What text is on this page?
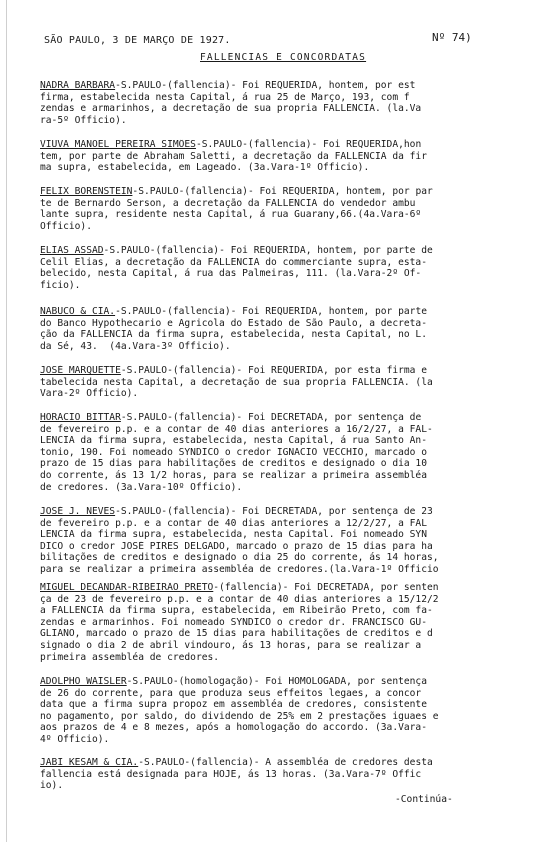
SÃO PAULO, 3 DE MARÇO DE 1927.	Nº 74)
FALLENCIAS E CONCORDATAS
NADRA BARBARA-S.PAULO-(fallencia)- Foi REQUERIDA, hontem, por est
firma, estabelecida nesta Capital, á rua 25 de Março, 193, com f
zendas e armarinhos, a decretação de sua propria FALLENCIA. (la.Va
ra-5º Officio).
VIUVA MANOEL PEREIRA SIMÕES-S.PAULO-(fallencia)- Foi REQUERIDA,hon
tem, por parte de Abraham Saletti, a decretação da FALLENCIA da fir
ma supra, estabelecida, em Lageado. (3a.Vara-1º Officio).
FELIX BORENSTEIN-S.PAULO-(fallencia)- Foi REQUERIDA, hontem, por par
te de Bernardo Serson, a decretação da FALLENCIA do vendedor ambu
lante supra, residente nesta Capital, á rua Guarany,66.(4a.Vara-6º
Officio).
ELIAS ASSAD-S.PAULO-(fallencia)- Foi REQUERIDA, hontem, por parte de
Celil Elias, a decretação da FALLENCIA do commerciante supra, esta-
belecido, nesta Capital, á rua das Palmeiras, 111. (la.Vara-2º Of-
ficio).
NABUCO & CIA.-S.PAULO-(fallencia)- Foi REQUERIDA, hontem, por parte
do Banco Hypothecario e Agricola do Estado de São Paulo, a decreta-
ção da FALLENCIA da firma supra, estabelecida, nesta Capital, no L.
da Sé, 43.  (4a.Vara-3º Officio).
JOSÉ MARQUETTE-S.PAULO-(fallencia)- Foi REQUERIDA, por esta firma e
tabelecida nesta Capital, a decretação de sua propria FALLENCIA. (la
Vara-2º Officio).
HORACIO BITTAR-S.PAULO-(fallencia)- Foi DECRETADA, por sentença de
de fevereiro p.p. e a contar de 40 dias anteriores a 16/2/27, a FAL-
LENCIA da firma supra, estabelecida, nesta Capital, á rua Santo An-
tonio, 190. Foi nomeado SYNDICO o credor IGNACIO VECCHIO, marcado o
prazo de 15 dias para habilitações de creditos e designado o dia 10
do corrente, ás 13 1/2 horas, para se realizar a primeira assembléa
de credores. (3a.Vara-10º Officio).
JOSÉ J. NEVES-S.PAULO-(fallencia)- Foi DECRETADA, por sentença de 23
de fevereiro p.p. e a contar de 40 dias anteriores a 12/2/27, a FAL
LENCIA da firma supra, estabelecida, nesta Capital. Foi nomeado SYN
DICO o credor JOSÉ PIRES DELGADO, marcado o prazo de 15 dias para ha
bilitações de creditos e designado o dia 25 do corrente, ás 14 horas,
para se realizar a primeira assembléa de credores.(la.Vara-1º Officio
MIGUEL DECANDAR-RIBEIRÃO PRETO-(fallencia)- Foi DECRETADA, por senten
ça de 23 de fevereiro p.p. e a contar de 40 dias anteriores a 15/12/2
a FALLENCIA da firma supra, estabelecida, em Ribeirão Preto, com fa-
zendas e armarinhos. Foi nomeado SYNDICO o credor dr. FRANCISCO GU-
GLIANO, marcado o prazo de 15 dias para habilitações de creditos e d
signado o dia 2 de abril vindouro, ás 13 horas, para se realizar a
primeira assembléa de credores.
ADOLPHO WAISLER-S.PAULO-(homologação)- Foi HOMOLOGADA, por sentença
de 26 do corrente, para que produza seus effeitos legaes, a concor
data que a firma supra propoz em assembléa de credores, consistente
no pagamento, por saldo, do dividendo de 25% em 2 prestações iguaes e
aos prazos de 4 e 8 mezes, após a homologação do accordo. (3a.Vara-
4º Officio).
JABI KESAM & CIA.-S.PAULO-(fallencia)- A assembléa de credores desta
fallencia está designada para HOJE, ás 13 horas. (3a.Vara-7º Offic
io).
-Continúa-
